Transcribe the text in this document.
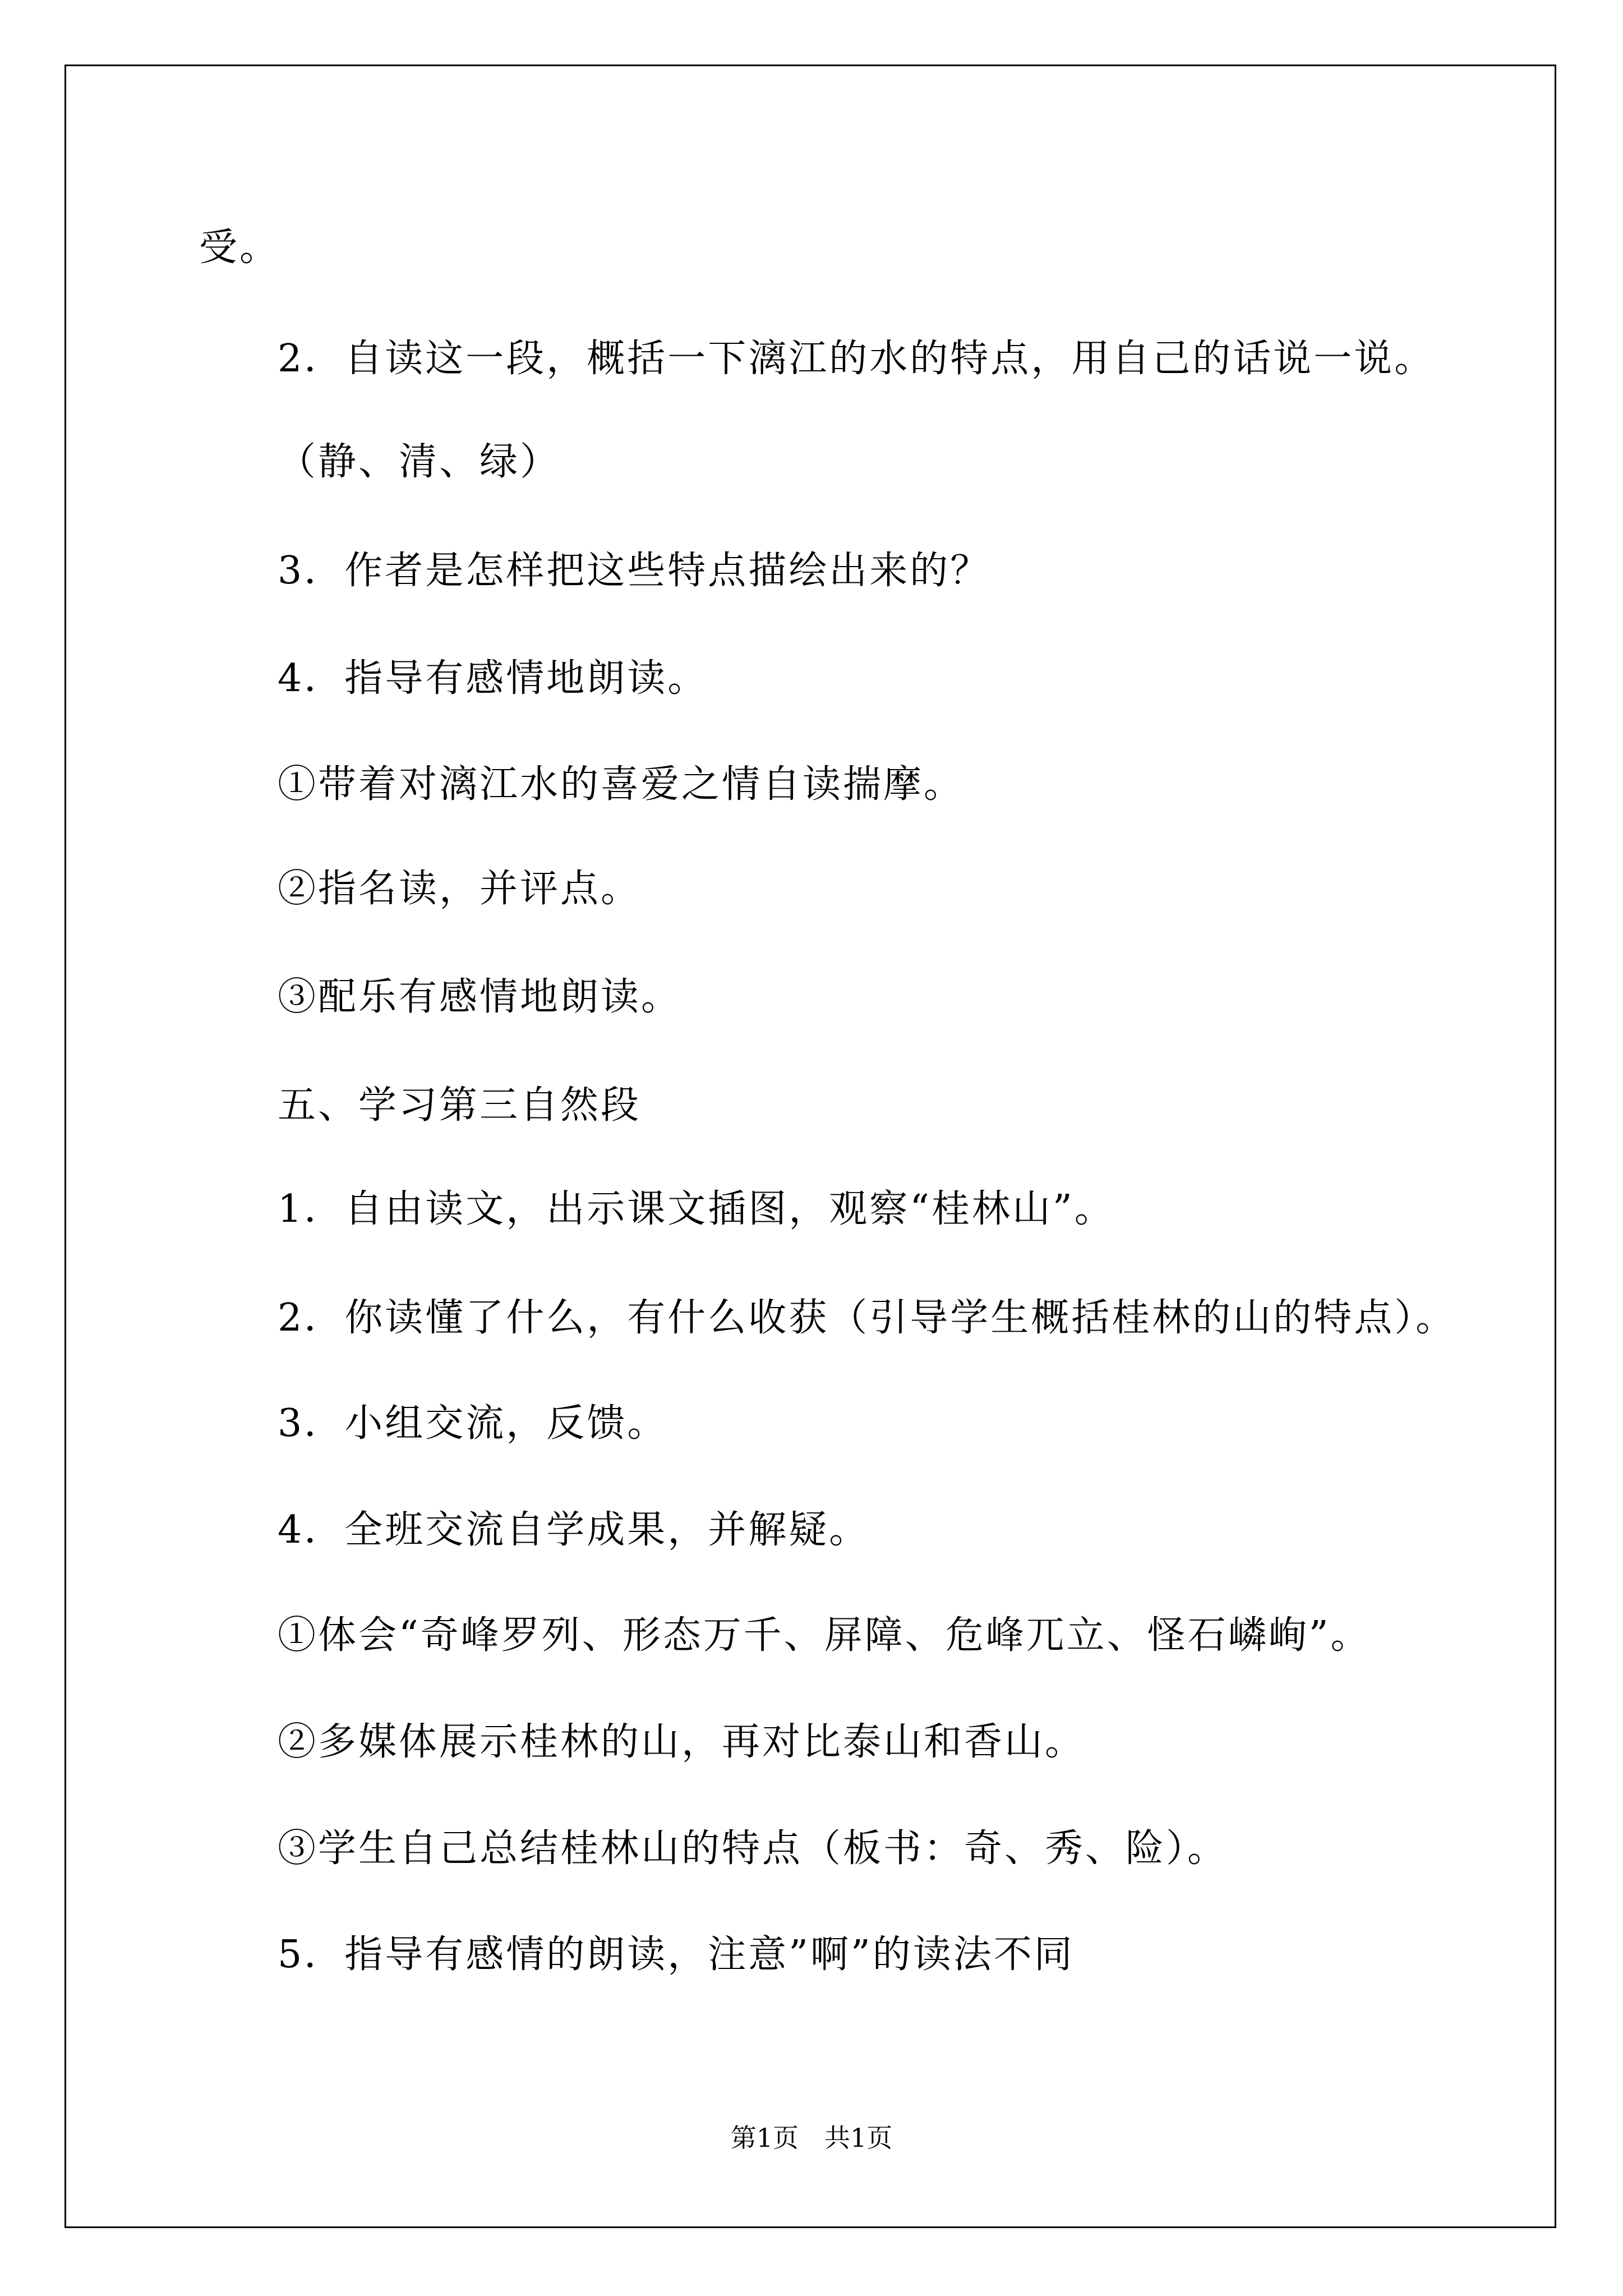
受。

2．自读这一段，概括一下漓江的水的特点，用自己的话说一说。

（静、清、绿）

3．作者是怎样把这些特点描绘出来的？

4．指导有感情地朗读。

①带着对漓江水的喜爱之情自读揣摩。

②指名读，并评点。

③配乐有感情地朗读。

五、学习第三自然段

1．自由读文，出示课文插图，观察“桂林山”。

2．你读懂了什么，有什么收获（引导学生概括桂林的山的特点）。

3．小组交流，反馈。

4．全班交流自学成果，并解疑。

①体会“奇峰罗列、形态万千、屏障、危峰兀立、怪石嶙峋”。

②多媒体展示桂林的山，再对比泰山和香山。

③学生自己总结桂林山的特点（板书：奇、秀、险）。

5．指导有感情的朗读，注意”啊”的读法不同

第1页　共1页
